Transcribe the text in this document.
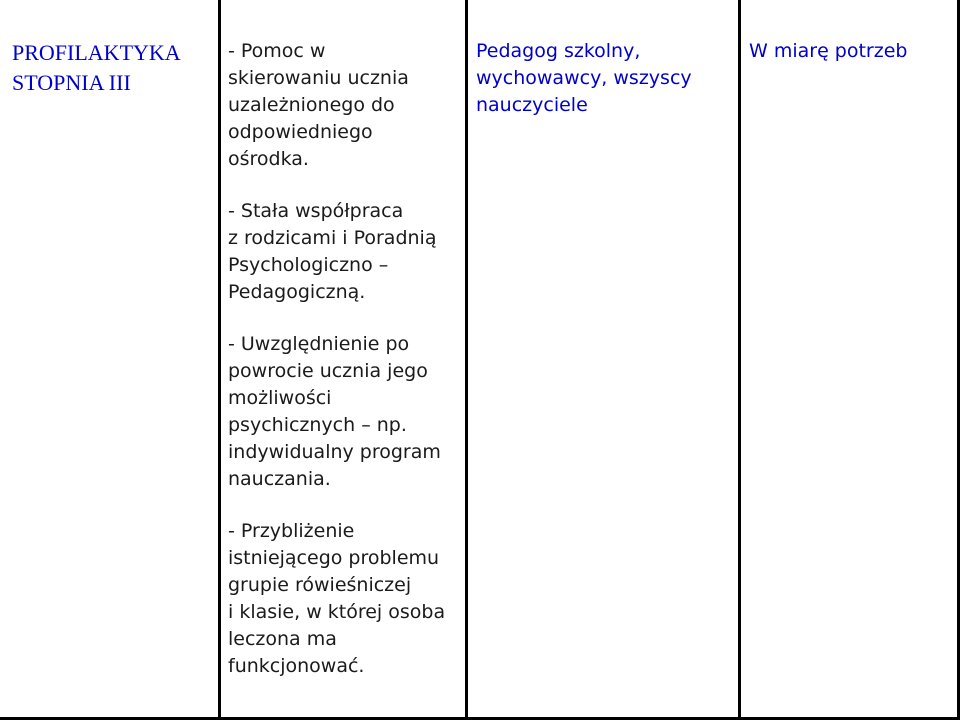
PROFILAKTYKA
STOPNIA III

- Pomoc w
skierowaniu ucznia
uzależnionego do
odpowiedniego
ośrodka.

- Stała współpraca
z rodzicami i Poradnią
Psychologiczno –
Pedagogiczną.

- Uwzględnienie po
powrocie ucznia jego
możliwości
psychicznych – np.
indywidualny program
nauczania.

- Przybliżenie
istniejącego problemu
grupie rówieśniczej
i klasie, w której osoba
leczona ma
funkcjonować.

Pedagog szkolny,
wychowawcy, wszyscy
nauczyciele

W miarę potrzeb
